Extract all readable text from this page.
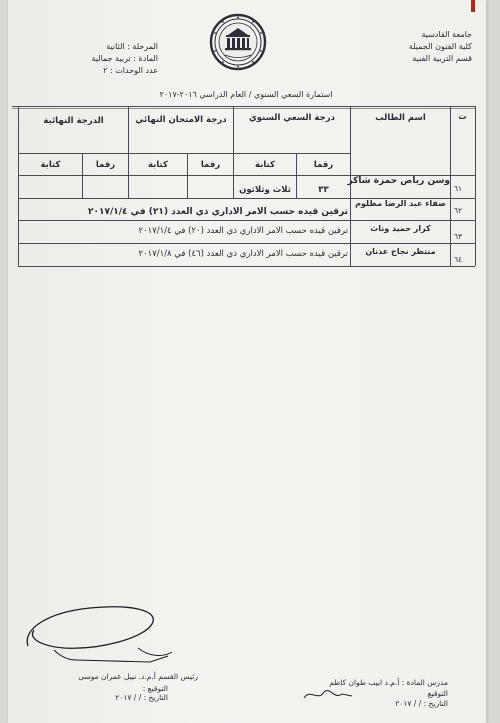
جامعة القادسية
كلية الفنون الجميلة
قسم التربية الفنية
المرحلة : الثانية
المادة : تربية جمالية
عدد الوحدات : ٢
استمارة السعي السنوي / العام الدراسي ٢٠١٦-٢٠١٧
ت
اسم الطالب
درجة السعي السنوي
درجة الامتحان النهائي
الدرجة النهائية
رقما
كتابة
رقما
كتابة
رقما
كتابة
٦١
وسن رياض حمزة شاكر
٣٣
ثلاث وثلاثون
٦٢
صفاء عبد الرضا مظلوم
ترقين قيده حسب الامر الاداري ذي العدد (٢١) في ٢٠١٧/١/٤
٦٣
كرار حميد وناث
ترقين قيده حسب الامر الاداري ذي العدد (٢٠) في ٢٠١٧/١/٤
٦٤
منتظر نجاح عدنان
ترقين قيده حسب الامر الاداري ذي العدد (٤٦) في ٢٠١٧/١/٨
رئيس القسم أ.م.د. نبيل عمران موسى
التوقيع :
التاريخ : / / ٢٠١٧
مدرس المادة : أ.م.د ابيب طوان كاظم
التوقيع
التاريخ : / / ٢٠١٧
